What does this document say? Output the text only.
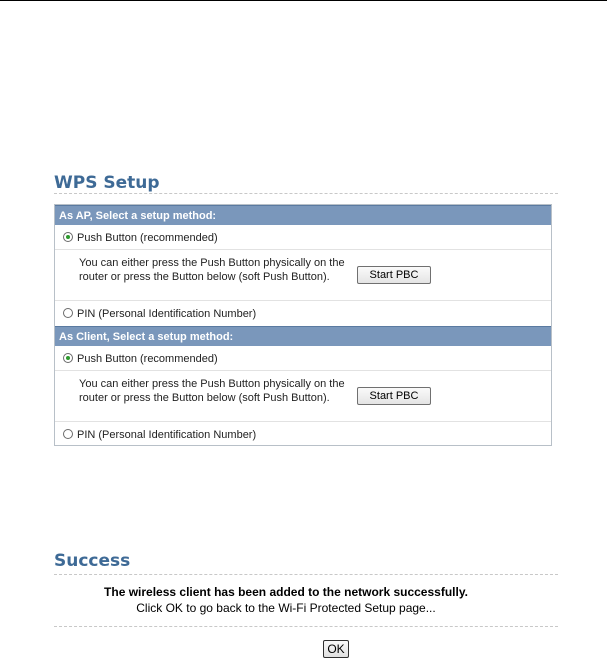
WPS Setup
As AP, Select a setup method:
Push Button (recommended)
You can either press the Push Button physically on the router or press the Button below (soft Push Button).	Start PBC
PIN (Personal Identification Number)
As Client, Select a setup method:
Push Button (recommended)
You can either press the Push Button physically on the router or press the Button below (soft Push Button).	Start PBC
PIN (Personal Identification Number)
Success
The wireless client has been added to the network successfully.
Click OK to go back to the Wi-Fi Protected Setup page...
OK
